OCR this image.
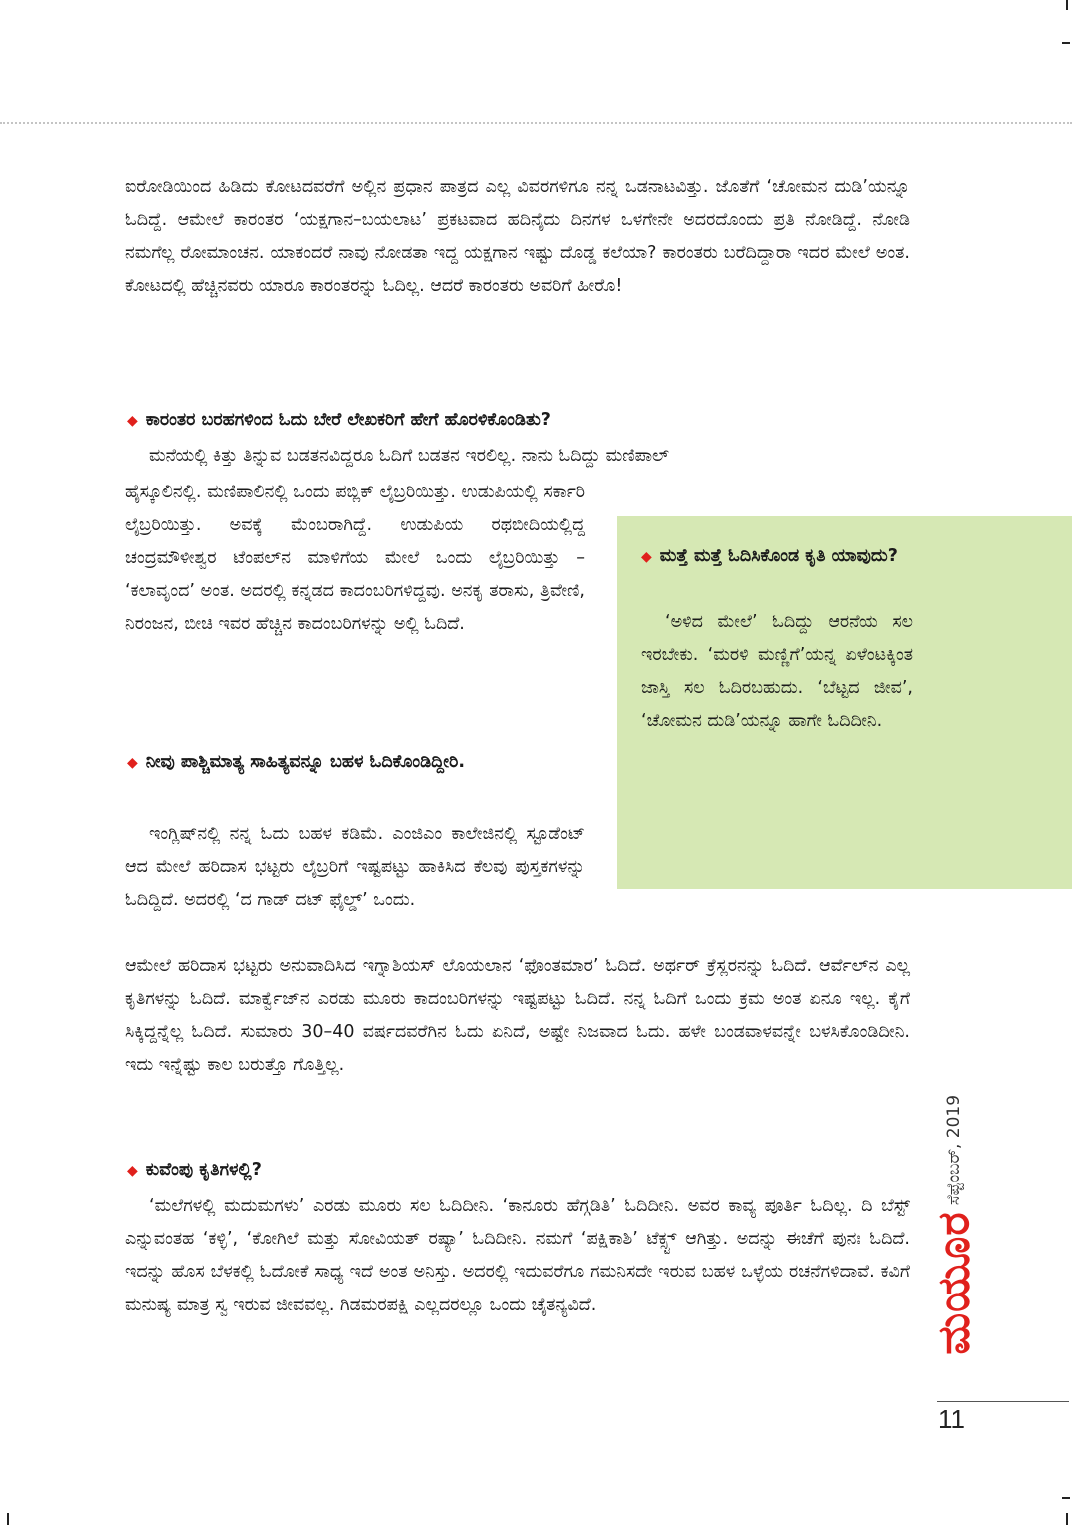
ಐರೋಡಿಯಿಂದ ಹಿಡಿದು ಕೋಟದವರೆಗೆ ಅಲ್ಲಿನ ಪ್ರಧಾನ ಪಾತ್ರದ ಎಲ್ಲ ವಿವರಗಳಿಗೂ ನನ್ನ ಒಡನಾಟವಿತ್ತು. ಜೊತೆಗೆ ‘ಚೋಮನ ದುಡಿ’ಯನ್ನೂ ಓದಿದ್ದೆ. ಆಮೇಲೆ ಕಾರಂತರ ‘ಯಕ್ಷಗಾನ–ಬಯಲಾಟ’ ಪ್ರಕಟವಾದ ಹದಿನೈದು ದಿನಗಳ ಒಳಗೇನೇ ಅದರದೊಂದು ಪ್ರತಿ ನೋಡಿದ್ದೆ. ನೋಡಿ ನಮಗೆಲ್ಲ ರೋಮಾಂಚನ. ಯಾಕಂದರೆ ನಾವು ನೋಡತಾ ಇದ್ದ ಯಕ್ಷಗಾನ ಇಷ್ಟು ದೊಡ್ಡ ಕಲೆಯಾ? ಕಾರಂತರು ಬರೆದಿದ್ದಾರಾ ಇದರ ಮೇಲೆ ಅಂತ. ಕೋಟದಲ್ಲಿ ಹೆಚ್ಚಿನವರು ಯಾರೂ ಕಾರಂತರನ್ನು ಓದಿಲ್ಲ. ಆದರೆ ಕಾರಂತರು ಅವರಿಗೆ ಹೀರೊ!

◆ ಕಾರಂತರ ಬರಹಗಳಿಂದ ಓದು ಬೇರೆ ಲೇಖಕರಿಗೆ ಹೇಗೆ ಹೊರಳಿಕೊಂಡಿತು?

ಮನೆಯಲ್ಲಿ ಕಿತ್ತು ತಿನ್ನುವ ಬಡತನವಿದ್ದರೂ ಓದಿಗೆ ಬಡತನ ಇರಲಿಲ್ಲ. ನಾನು ಓದಿದ್ದು ಮಣಿಪಾಲ್

ಹೈಸ್ಕೂಲಿನಲ್ಲಿ. ಮಣಿಪಾಲಿನಲ್ಲಿ ಒಂದು ಪಬ್ಲಿಕ್ ಲೈಬ್ರರಿಯಿತ್ತು. ಉಡುಪಿಯಲ್ಲಿ ಸರ್ಕಾರಿ ಲೈಬ್ರರಿಯಿತ್ತು. ಅವಕ್ಕೆ ಮೆಂಬರಾಗಿದ್ದೆ. ಉಡುಪಿಯ ರಥಬೀದಿಯಲ್ಲಿದ್ದ ಚಂದ್ರಮೌಳೀಶ್ವರ ಟೆಂಪಲ್‌ನ ಮಾಳಿಗೆಯ ಮೇಲೆ ಒಂದು ಲೈಬ್ರರಿಯಿತ್ತು – ‘ಕಲಾವೃಂದ’ ಅಂತ. ಅದರಲ್ಲಿ ಕನ್ನಡದ ಕಾದಂಬರಿಗಳಿದ್ದವು. ಅನಕೃ ತರಾಸು, ತ್ರಿವೇಣಿ, ನಿರಂಜನ, ಬೀಚಿ ಇವರ ಹೆಚ್ಚಿನ ಕಾದಂಬರಿಗಳನ್ನು ಅಲ್ಲಿ ಓದಿದೆ.

◆ ನೀವು ಪಾಶ್ಚಿಮಾತ್ಯ ಸಾಹಿತ್ಯವನ್ನೂ ಬಹಳ ಓದಿಕೊಂಡಿದ್ದೀರಿ.

ಇಂಗ್ಲಿಷ್‌ನಲ್ಲಿ ನನ್ನ ಓದು ಬಹಳ ಕಡಿಮೆ. ಎಂಜಿಎಂ ಕಾಲೇಜಿನಲ್ಲಿ ಸ್ಟೂಡೆಂಟ್ ಆದ ಮೇಲೆ ಹರಿದಾಸ ಭಟ್ಟರು ಲೈಬ್ರರಿಗೆ ಇಷ್ಟಪಟ್ಟು ಹಾಕಿಸಿದ ಕೆಲವು ಪುಸ್ತಕಗಳನ್ನು ಓದಿದ್ದಿದೆ. ಅದರಲ್ಲಿ ‘ದ ಗಾಡ್ ದಟ್ ಫೈಲ್ಡ್’ ಒಂದು.

ಆಮೇಲೆ ಹರಿದಾಸ ಭಟ್ಟರು ಅನುವಾದಿಸಿದ ಇಗ್ನಾಶಿಯಸ್ ಲೊಯಲಾನ ‘ಫೊಂತಮಾರ’ ಓದಿದೆ. ಅರ್ಥರ್ ಕ್ರೆಸ್ಲರನನ್ನು ಓದಿದೆ. ಆರ್ವೆಲ್‌ನ ಎಲ್ಲ ಕೃತಿಗಳನ್ನು ಓದಿದೆ. ಮಾರ್ಕ್ವೆಜ್‌ನ ಎರಡು ಮೂರು ಕಾದಂಬರಿಗಳನ್ನು ಇಷ್ಟಪಟ್ಟು ಓದಿದೆ. ನನ್ನ ಓದಿಗೆ ಒಂದು ಕ್ರಮ ಅಂತ ಏನೂ ಇಲ್ಲ. ಕೈಗೆ ಸಿಕ್ಕಿದ್ದನ್ನೆಲ್ಲ ಓದಿದೆ. ಸುಮಾರು 30–40 ವರ್ಷದವರೆಗಿನ ಓದು ಏನಿದೆ, ಅಷ್ಟೇ ನಿಜವಾದ ಓದು. ಹಳೇ ಬಂಡವಾಳವನ್ನೇ ಬಳಸಿಕೊಂಡಿದೀನಿ. ಇದು ಇನ್ನೆಷ್ಟು ಕಾಲ ಬರುತ್ತೊ ಗೊತ್ತಿಲ್ಲ.

◆ ಕುವೆಂಪು ಕೃತಿಗಳಲ್ಲಿ?

‘ಮಲೆಗಳಲ್ಲಿ ಮದುಮಗಳು’ ಎರಡು ಮೂರು ಸಲ ಓದಿದೀನಿ. ‘ಕಾನೂರು ಹೆಗ್ಗಡಿತಿ’ ಓದಿದೀನಿ. ಅವರ ಕಾವ್ಯ ಪೂರ್ತಿ ಓದಿಲ್ಲ. ದಿ ಬೆಸ್ಟ್ ಎನ್ನುವಂತಹ ‘ಕಳ್ಳಿ’, ‘ಕೋಗಿಲೆ ಮತ್ತು ಸೋವಿಯತ್ ರಷ್ಯಾ’ ಓದಿದೀನಿ. ನಮಗೆ ‘ಪಕ್ಷಿಕಾಶಿ’ ಟೆಕ್ಸ್ಟ್ ಆಗಿತ್ತು. ಅದನ್ನು ಈಚೆಗೆ ಪುನಃ ಓದಿದೆ. ಇದನ್ನು ಹೊಸ ಬೆಳಕಲ್ಲಿ ಓದೋಕೆ ಸಾಧ್ಯ ಇದೆ ಅಂತ ಅನಿಸ್ತು. ಅದರಲ್ಲಿ ಇದುವರೆಗೂ ಗಮನಿಸದೇ ಇರುವ ಬಹಳ ಒಳ್ಳೆಯ ರಚನೆಗಳಿದಾವೆ. ಕವಿಗೆ ಮನುಷ್ಯ ಮಾತ್ರ ಸ್ವ ಇರುವ ಜೀವವಲ್ಲ. ಗಿಡಮರಪಕ್ಷಿ ಎಲ್ಲದರಲ್ಲೂ ಒಂದು ಚೈತನ್ಯವಿದೆ.

◆ ಮತ್ತೆ ಮತ್ತೆ ಓದಿಸಿಕೊಂಡ ಕೃತಿ ಯಾವುದು?

‘ಅಳಿದ ಮೇಲೆ’ ಓದಿದ್ದು ಆರನೆಯ ಸಲ ಇರಬೇಕು. ‘ಮರಳಿ ಮಣ್ಣಿಗೆ’ಯನ್ನ ಏಳೆಂಟಕ್ಕಿಂತ ಜಾಸ್ತಿ ಸಲ ಓದಿರಬಹುದು. ‘ಬೆಟ್ಟದ ಜೀವ’, ‘ಚೋಮನ ದುಡಿ’ಯನ್ನೂ ಹಾಗೇ ಓದಿದೀನಿ.

ಸೆಪ್ಟೆಂಬರ್, 2019
ಮಯೂರ
11
